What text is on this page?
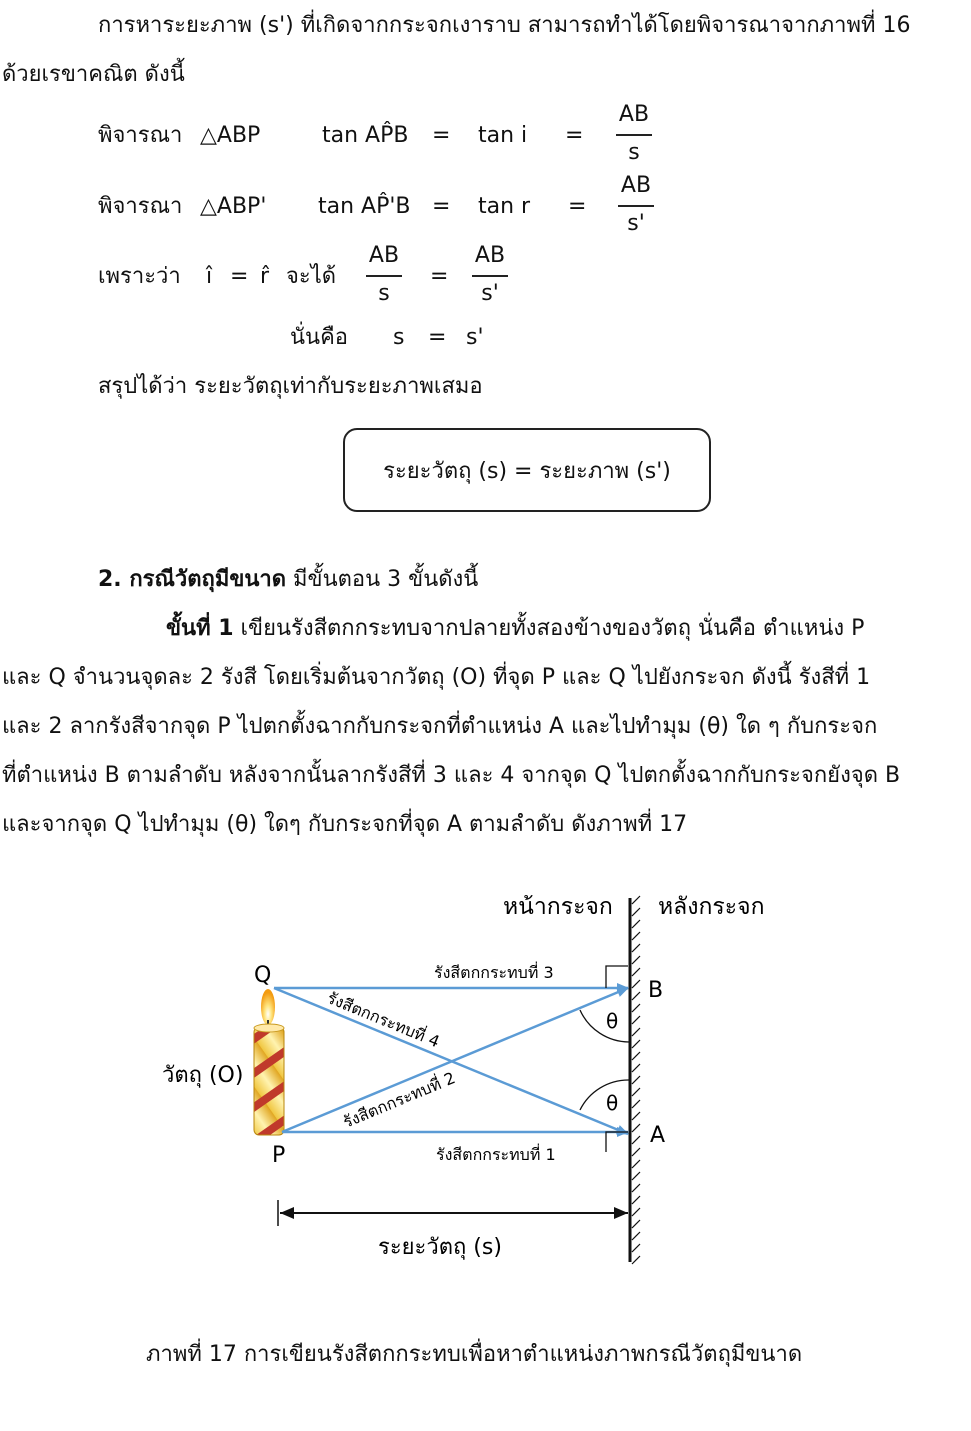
การหาระยะภาพ (s') ที่เกิดจากกระจกเงาราบ สามารถทำได้โดยพิจารณาจากภาพที่ 16
ด้วยเรขาคณิต ดังนี้
พิจารณา △ABP	tan AP̂B = tan i =
AB
s
พิจารณา △ABP' tan AP̂'B = tan r =
AB
s'
เพราะว่า î = r̂ จะได้
AB
s
=
AB
s'
นั่นคือ s = s'
สรุปได้ว่า ระยะวัตถุเท่ากับระยะภาพเสมอ
ระยะวัตถุ (s) = ระยะภาพ (s')
2. กรณีวัตถุมีขนาด มีขั้นตอน 3 ขั้นดังนี้
ขั้นที่ 1 เขียนรังสีตกกระทบจากปลายทั้งสองข้างของวัตถุ นั่นคือ ตำแหน่ง P
และ Q จำนวนจุดละ 2 รังสี โดยเริ่มต้นจากวัตถุ (O) ที่จุด P และ Q ไปยังกระจก ดังนี้ รังสีที่ 1
และ 2 ลากรังสีจากจุด P ไปตกตั้งฉากกับกระจกที่ตำแหน่ง A และไปทำมุม (θ) ใด ๆ กับกระจก
ที่ตำแหน่ง B ตามลำดับ หลังจากนั้นลากรังสีที่ 3 และ 4 จากจุด Q ไปตกตั้งฉากกับกระจกยังจุด B
และจากจุด Q ไปทำมุม (θ) ใดๆ กับกระจกที่จุด A ตามลำดับ ดังภาพที่ 17
หน้ากระจก หลังกระจก
θ
θ
Q
P
B
A
วัตถุ (O)
รังสีตกกระทบที่ 3
รังสีตกกระทบที่ 1
รังสีตกกระทบที่ 4
รังสีตกกระทบที่ 2
ระยะวัตถุ (s)
ภาพที่ 17 การเขียนรังสีตกกระทบเพื่อหาตำแหน่งภาพกรณีวัตถุมีขนาด
